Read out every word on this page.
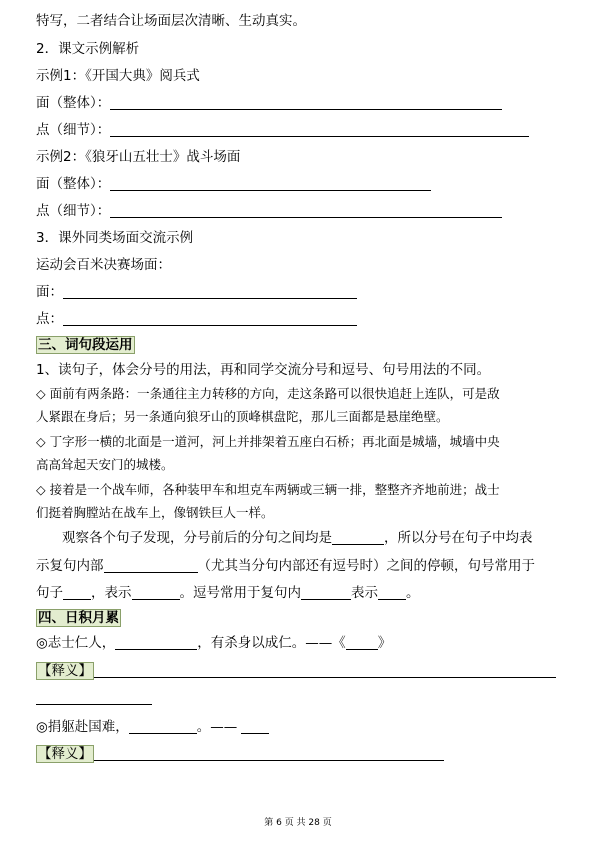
特写，二者结合让场面层次清晰、生动真实。
2．课文示例解析
示例1：《开国大典》阅兵式
面（整体）：
点（细节）：
示例2：《狼牙山五壮士》战斗场面
面（整体）：
点（细节）：
3．课外同类场面交流示例
运动会百米决赛场面：
面：
点：
三、词句段运用
1、读句子，体会分号的用法，再和同学交流分号和逗号、句号用法的不同。
◇ 面前有两条路：一条通往主力转移的方向，走这条路可以很快追赶上连队，可是敌
人紧跟在身后；另一条通向狼牙山的顶峰棋盘陀，那儿三面都是悬崖绝壁。
◇ 丁字形一横的北面是一道河，河上并排架着五座白石桥；再北面是城墙，城墙中央
高高耸起天安门的城楼。
◇ 接着是一个战车师，各种装甲车和坦克车两辆或三辆一排，整整齐齐地前进；战士
们挺着胸膛站在战车上，像钢铁巨人一样。
观察各个句子发现，分号前后的分句之间均是	，所以分号在句子中均表
示复句内部	（尤其当分句内部还有逗号时）之间的停顿，句号常用于
句子 ，表示	。逗号常用于复句内	表示 。
四、日积月累
◎志士仁人，	，有杀身以成仁。——《 》
【释义】
◎捐躯赴国难，	。——
【释义】
第 6 页 共 28 页
